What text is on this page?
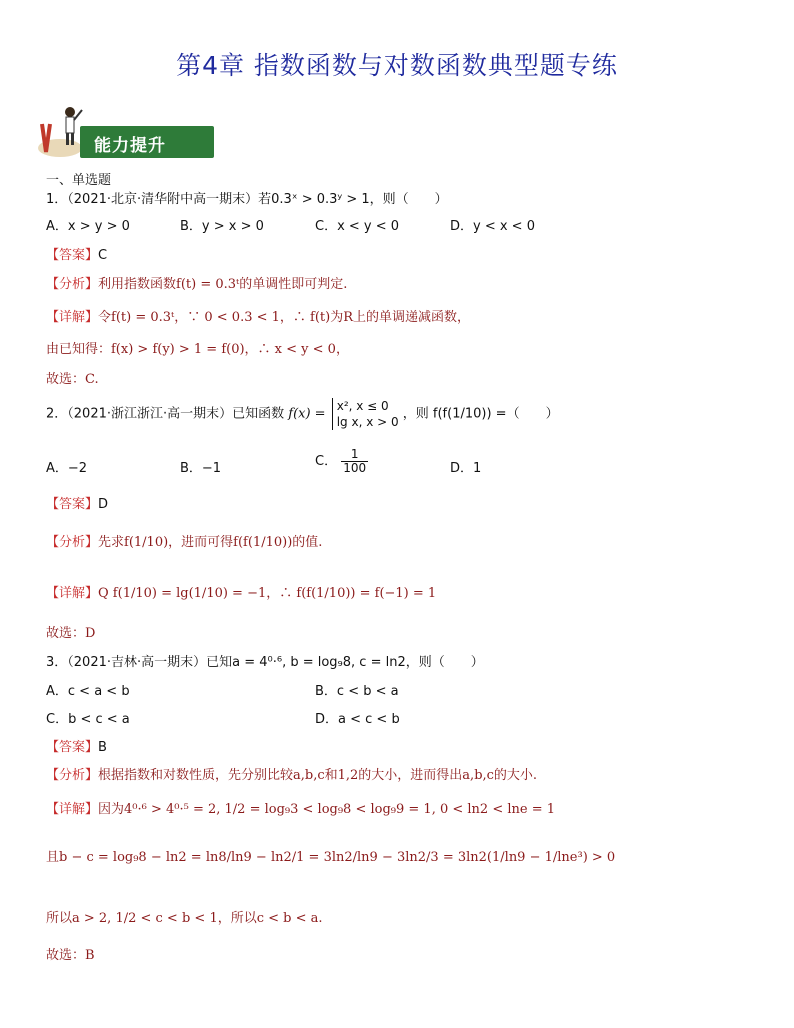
第4章 指数函数与对数函数典型题专练
能力提升
一、单选题
1．（2021·北京·清华附中高一期末）若0.3ˣ > 0.3ʸ > 1，则（　　）
A．x > y > 0	B．y > x > 0	C．x < y < 0	D．y < x < 0
【答案】C
【分析】利用指数函数f(t) = 0.3ᵗ的单调性即可判定.
【详解】令f(t) = 0.3ᵗ，∵ 0 < 0.3 < 1，∴ f(t)为R上的单调递减函数，
由已知得：f(x) > f(y) > 1 = f(0)，∴ x < y < 0，
故选：C.
2．（2021·浙江浙江·高一期末）已知函数 f(x) =
x², x ≤ 0
lg x, x > 0
，则 f(f(1/10)) =（　　）
A．−2	B．−1	C． $\frac{1}{100}$	D．1
【答案】D
【分析】先求f(1/10)，进而可得f(f(1/10))的值.
【详解】Q f(1/10) = lg(1/10) = −1，∴ f(f(1/10)) = f(−1) = 1
故选：D
3．（2021·吉林·高一期末）已知a = 4⁰·⁶, b = log₉8, c = ln2，则（　　）
A．c < a < b	B．c < b < a
C．b < c < a	D．a < c < b
【答案】B
【分析】根据指数和对数性质，先分别比较a,b,c和1,2的大小，进而得出a,b,c的大小.
【详解】因为4⁰·⁶ > 4⁰·⁵ = 2, 1/2 = log₉3 < log₉8 < log₉9 = 1, 0 < ln2 < lne = 1
且b − c = log₉8 − ln2 = ln8/ln9 − ln2/1 = 3ln2/ln9 − 3ln2/3 = 3ln2(1/ln9 − 1/lne³) > 0
所以a > 2, 1/2 < c < b < 1，所以c < b < a.
故选：B
